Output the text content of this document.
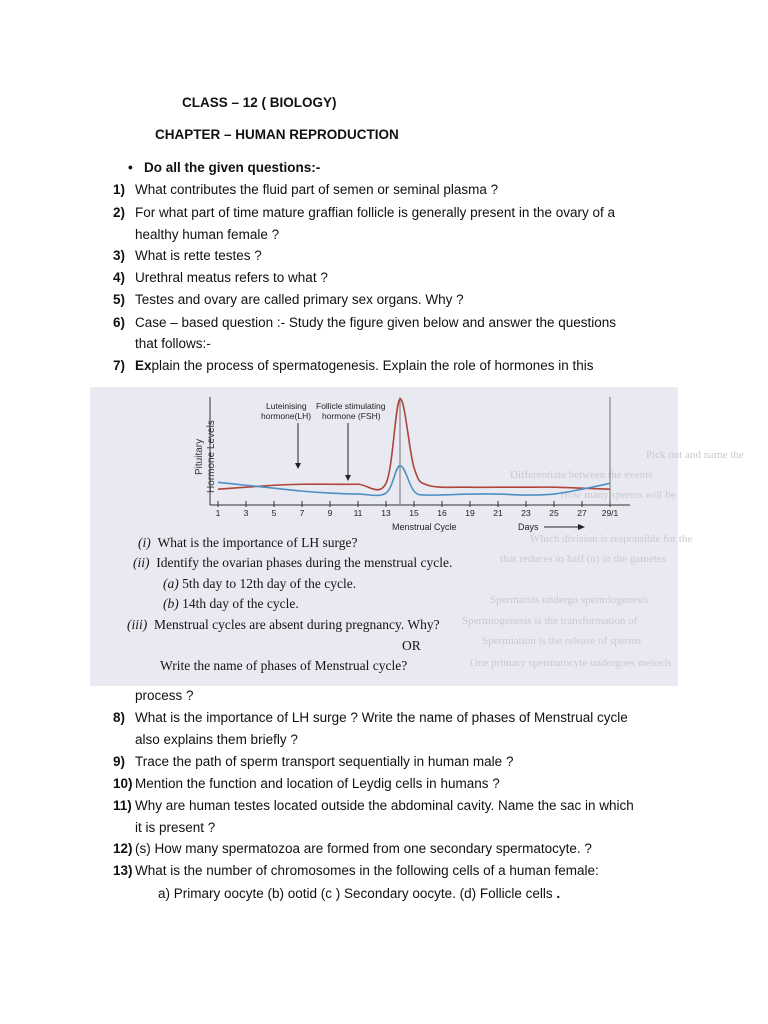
CLASS – 12 ( BIOLOGY)
CHAPTER – HUMAN REPRODUCTION
• Do all the given questions:-
1) What contributes the fluid part of semen or seminal plasma ?
2) For what part of time mature graffian follicle is generally present in the ovary of a
healthy human female ?
3) What is rette testes ?
4) Urethral meatus refers to what ?
5) Testes and ovary are called primary sex organs. Why ?
6) Case – based question :- Study the figure given below and answer the questions
that follows:-
7) Explain the process of spermatogenesis. Explain the role of hormones in this
Pick out and name the
Differentiate between the events
How many sperms will be
Which division is responsible for the
that reduces to half (n) in the gametes
Spermatids undergo spermiogenesis
Spermiogenesis is the transformation of
Spermiation is the release of sperms
One primary spermatocyte undergoes meiosis
Pituitary Hormone Levels
Luteinising
hormone(LH)
Follicle stimulating
hormone (FSH)
Menstrual Cycle	Days
1	3	5	7	9 11 13 15 16 19 21 23 25 27 29/1
(i) What is the importance of LH surge?
(ii) Identify the ovarian phases during the menstrual cycle.
(a) 5th day to 12th day of the cycle.
(b) 14th day of the cycle.
(iii) Menstrual cycles are absent during pregnancy. Why?
OR
Write the name of phases of Menstrual cycle?
process ?
8) What is the importance of LH surge ? Write the name of phases of Menstrual cycle
also explains them briefly ?
9) Trace the path of sperm transport sequentially in human male ?
10) Mention the function and location of Leydig cells in humans ?
11) Why are human testes located outside the abdominal cavity. Name the sac in which
it is present ?
12) (s) How many spermatozoa are formed from one secondary spermatocyte. ?
13) What is the number of chromosomes in the following cells of a human female:
a) Primary oocyte (b) ootid (c ) Secondary oocyte. (d) Follicle cells .
